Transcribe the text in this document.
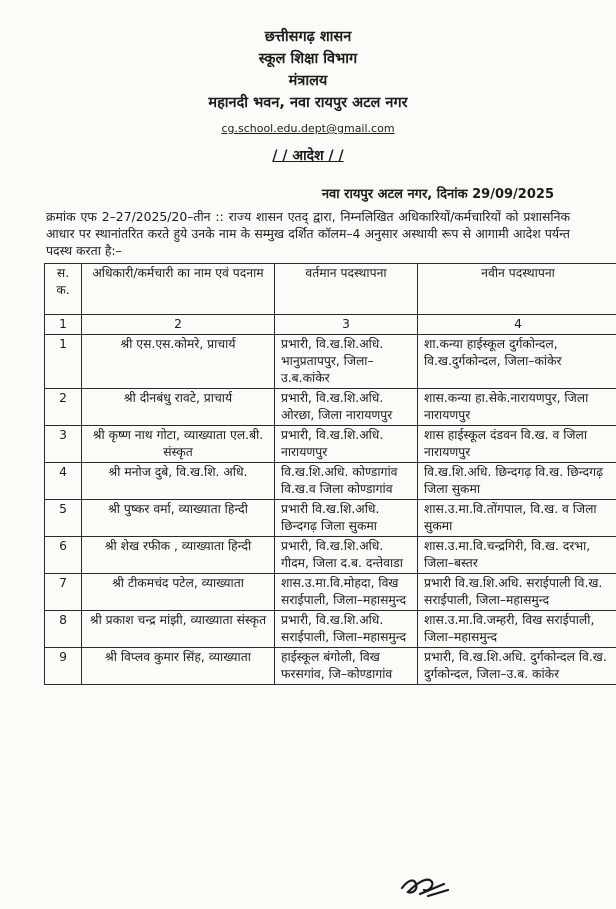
छत्तीसगढ़ शासन
स्कूल शिक्षा विभाग
मंत्रालय
महानदी भवन, नवा रायपुर अटल नगर
cg.school.edu.dept@gmail.com
/ / आदेश / /
नवा रायपुर अटल नगर, दिनांक 29/09/2025
क्रमांक एफ 2–27/2025/20–तीन :: राज्य शासन एतद् द्वारा, निम्नलिखित अधिकारियों/कर्मचारियों को प्रशासनिक आधार पर स्थानांतरित करते हुये उनके नाम के सम्मुख दर्शित कॉलम–4 अनुसार अस्थायी रूप से आगामी आदेश पर्यन्त पदस्थ करता है:–
स. क.	अधिकारी/कर्मचारी का नाम एवं पदनाम	वर्तमान पदस्थापना	नवीन पदस्थापना
1	2	3	4
1	श्री एस.एस.कोमरे, प्राचार्य	प्रभारी, वि.ख.शि.अधि. भानुप्रतापपुर, जिला–उ.ब.कांकेर	शा.कन्या हाईस्कूल दुर्गकोन्दल, वि.ख.दुर्गकोन्दल, जिला–कांकेर
2	श्री दीनबंधु रावटे, प्राचार्य	प्रभारी, वि.ख.शि.अधि. ओरछा, जिला नारायणपुर	शास.कन्या हा.सेके.नारायणपुर, जिला नारायणपुर
3	श्री कृष्ण नाथ गोटा, व्याख्याता एल.बी. संस्कृत	प्रभारी, वि.ख.शि.अधि. नारायणपुर	शास हाईस्कूल दंडवन वि.ख. व जिला नारायणपुर
4	श्री मनोज दुबे, वि.ख.शि. अधि.	वि.ख.शि.अधि. कोण्डागांव वि.ख.व जिला कोण्डागांव	वि.ख.शि.अधि. छिन्दगढ़ वि.ख. छिन्दगढ़ जिला सुकमा
5	श्री पुष्कर वर्मा, व्याख्याता हिन्दी	प्रभारी वि.ख.शि.अधि. छिन्दगढ़ जिला सुकमा	शास.उ.मा.वि.तोंगपाल, वि.ख. व जिला सुकमा
6	श्री शेख रफीक , व्याख्याता हिन्दी	प्रभारी, वि.ख.शि.अधि. गीदम, जिला द.ब. दन्तेवाडा	शास.उ.मा.वि.चन्द्रगिरी, वि.ख. दरभा, जिला–बस्तर
7	श्री टीकमचंद पटेल, व्याख्याता	शास.उ.मा.वि.मोहदा, विख सराईपाली, जिला–महासमुन्द	प्रभारी वि.ख.शि.अधि. सराईपाली वि.ख. सराईपाली, जिला–महासमुन्द
8	श्री प्रकाश चन्द्र मांझी, व्याख्याता संस्कृत	प्रभारी, वि.ख.शि.अधि. सराईपाली, जिला–महासमुन्द	शास.उ.मा.वि.जम्हरी, विख सराईपाली, जिला–महासमुन्द
9	श्री विप्लव कुमार सिंह, व्याख्याता	हाईस्कूल बंगोली, विख फरसगांव, जि–कोण्डागांव	प्रभारी, वि.ख.शि.अधि. दुर्गकोन्दल वि.ख. दुर्गकोन्दल, जिला–उ.ब. कांकेर
